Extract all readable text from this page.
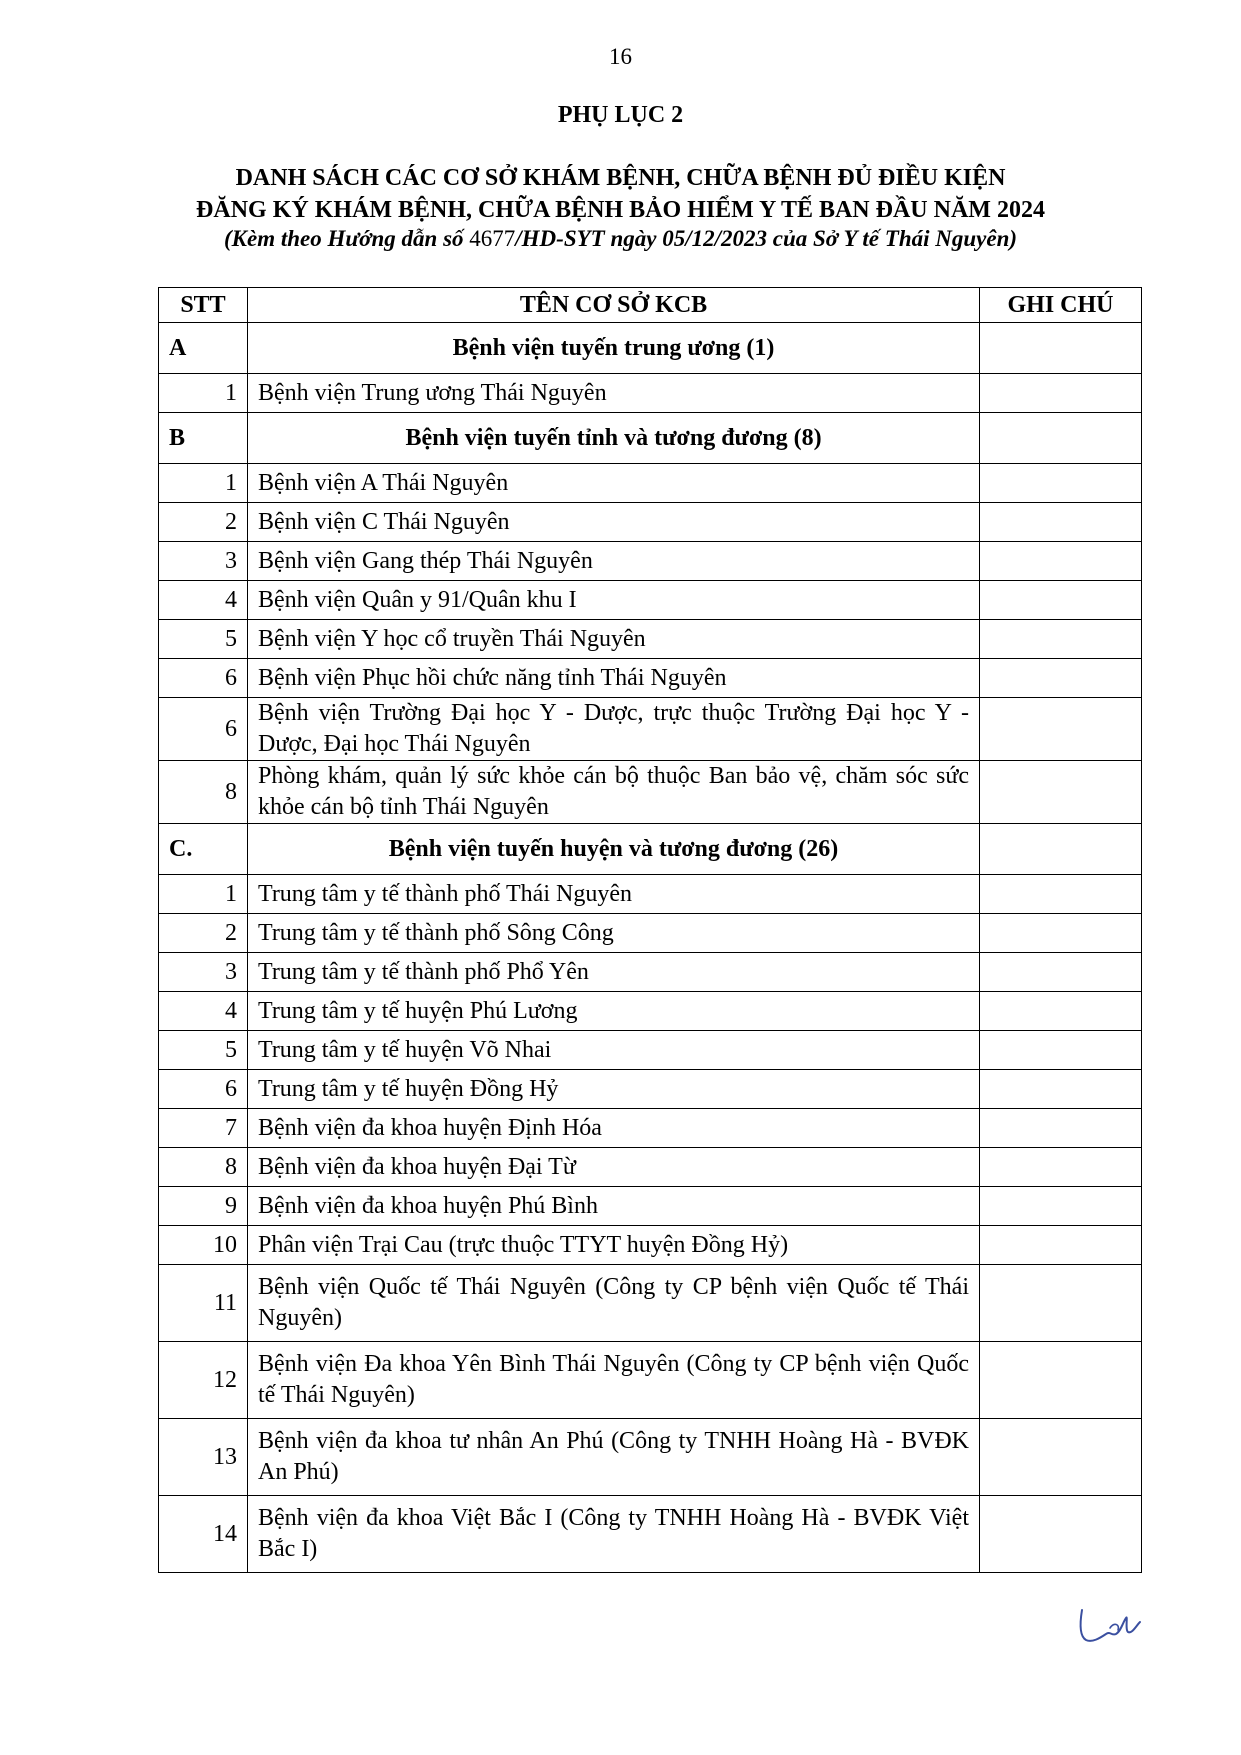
16
PHỤ LỤC 2
DANH SÁCH CÁC CƠ SỞ KHÁM BỆNH, CHỮA BỆNH ĐỦ ĐIỀU KIỆN
ĐĂNG KÝ KHÁM BỆNH, CHỮA BỆNH BẢO HIỂM Y TẾ BAN ĐẦU NĂM 2024
(Kèm theo Hướng dẫn số 4677/HD-SYT ngày 05/12/2023 của Sở Y tế Thái Nguyên)
STT	TÊN CƠ SỞ KCB	GHI CHÚ
A	Bệnh viện tuyến trung ương (1)	
1	Bệnh viện Trung ương Thái Nguyên	
B	Bệnh viện tuyến tỉnh và tương đương (8)	
1	Bệnh viện A Thái Nguyên	
2	Bệnh viện C Thái Nguyên	
3	Bệnh viện Gang thép Thái Nguyên	
4	Bệnh viện Quân y 91/Quân khu I	
5	Bệnh viện Y học cổ truyền Thái Nguyên	
6	Bệnh viện Phục hồi chức năng tỉnh Thái Nguyên	
6	Bệnh viện Trường Đại học Y - Dược, trực thuộc Trường Đại học Y - Dược, Đại học Thái Nguyên	
8	Phòng khám, quản lý sức khỏe cán bộ thuộc Ban bảo vệ, chăm sóc sức khỏe cán bộ tỉnh Thái Nguyên	
C.	Bệnh viện tuyến huyện và tương đương (26)	
1	Trung tâm y tế thành phố Thái Nguyên	
2	Trung tâm y tế thành phố Sông Công	
3	Trung tâm y tế thành phố Phổ Yên	
4	Trung tâm y tế huyện Phú Lương	
5	Trung tâm y tế huyện Võ Nhai	
6	Trung tâm y tế huyện Đồng Hỷ	
7	Bệnh viện đa khoa huyện Định Hóa	
8	Bệnh viện đa khoa huyện Đại Từ	
9	Bệnh viện đa khoa huyện Phú Bình	
10	Phân viện Trại Cau (trực thuộc TTYT huyện Đồng Hỷ)	
11	Bệnh viện Quốc tế Thái Nguyên (Công ty CP bệnh viện Quốc tế Thái Nguyên)	
12	Bệnh viện Đa khoa Yên Bình Thái Nguyên (Công ty CP bệnh viện Quốc tế Thái Nguyên)	
13	Bệnh viện đa khoa tư nhân An Phú (Công ty TNHH Hoàng Hà - BVĐK An Phú)	
14	Bệnh viện đa khoa Việt Bắc I (Công ty TNHH Hoàng Hà - BVĐK Việt Bắc I)	
